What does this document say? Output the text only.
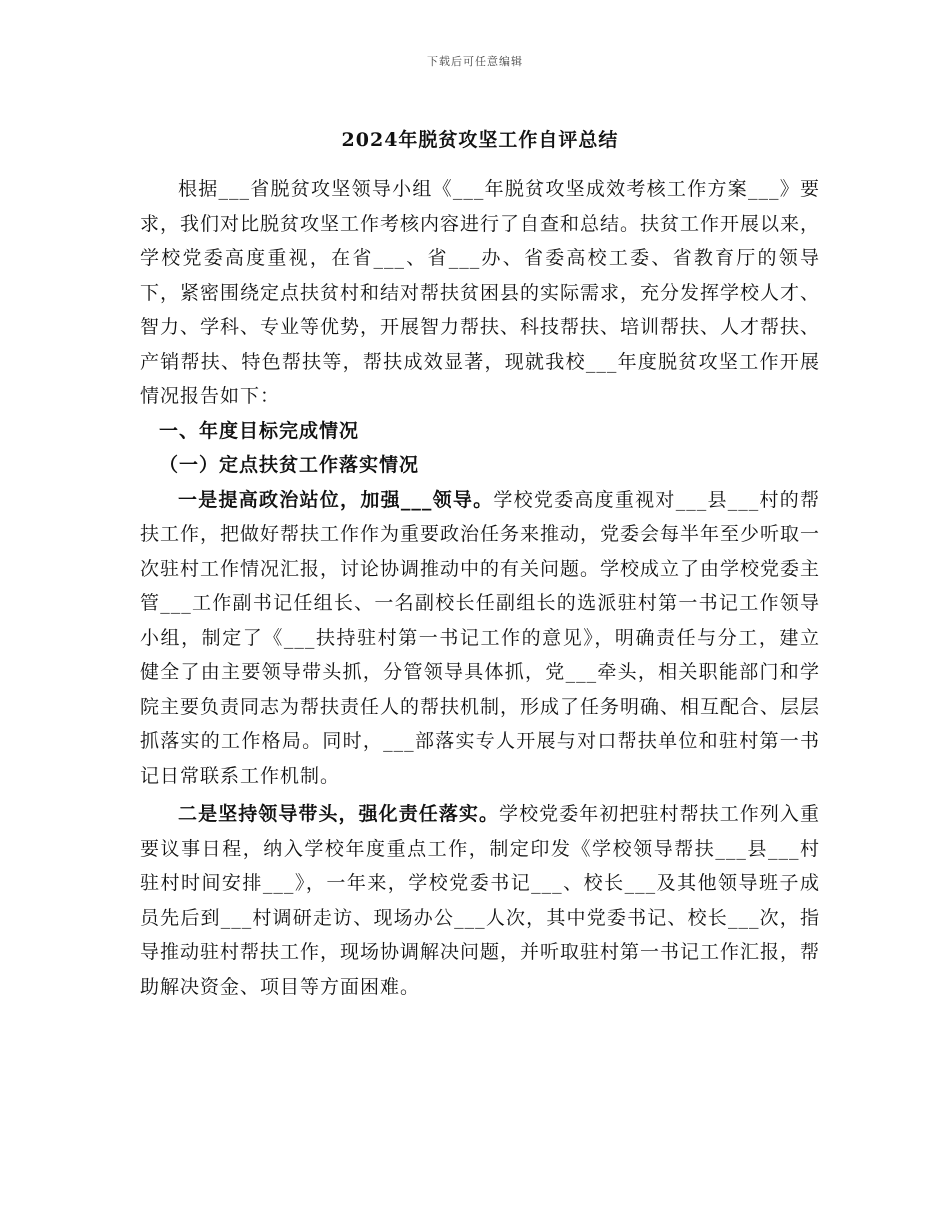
下载后可任意编辑
2024年脱贫攻坚工作自评总结

根据___省脱贫攻坚领导小组《___年脱贫攻坚成效考核工作方案___》要求，我们对比脱贫攻坚工作考核内容进行了自查和总结。扶贫工作开展以来，学校党委高度重视，在省___、省___办、省委高校工委、省教育厅的领导下，紧密围绕定点扶贫村和结对帮扶贫困县的实际需求，充分发挥学校人才、智力、学科、专业等优势，开展智力帮扶、科技帮扶、培训帮扶、人才帮扶、产销帮扶、特色帮扶等，帮扶成效显著，现就我校___年度脱贫攻坚工作开展情况报告如下：

一、年度目标完成情况
（一）定点扶贫工作落实情况

一是提高政治站位，加强___领导。学校党委高度重视对___县___村的帮扶工作，把做好帮扶工作作为重要政治任务来推动，党委会每半年至少听取一次驻村工作情况汇报，讨论协调推动中的有关问题。学校成立了由学校党委主管___工作副书记任组长、一名副校长任副组长的选派驻村第一书记工作领导小组，制定了《___扶持驻村第一书记工作的意见》，明确责任与分工，建立健全了由主要领导带头抓，分管领导具体抓，党___牵头，相关职能部门和学院主要负责同志为帮扶责任人的帮扶机制，形成了任务明确、相互配合、层层抓落实的工作格局。同时，___部落实专人开展与对口帮扶单位和驻村第一书记日常联系工作机制。

二是坚持领导带头，强化责任落实。学校党委年初把驻村帮扶工作列入重要议事日程，纳入学校年度重点工作，制定印发《学校领导帮扶___县___村驻村时间安排___》，一年来，学校党委书记___、校长___及其他领导班子成员先后到___村调研走访、现场办公___人次，其中党委书记、校长___次，指导推动驻村帮扶工作，现场协调解决问题，并听取驻村第一书记工作汇报，帮助解决资金、项目等方面困难。
